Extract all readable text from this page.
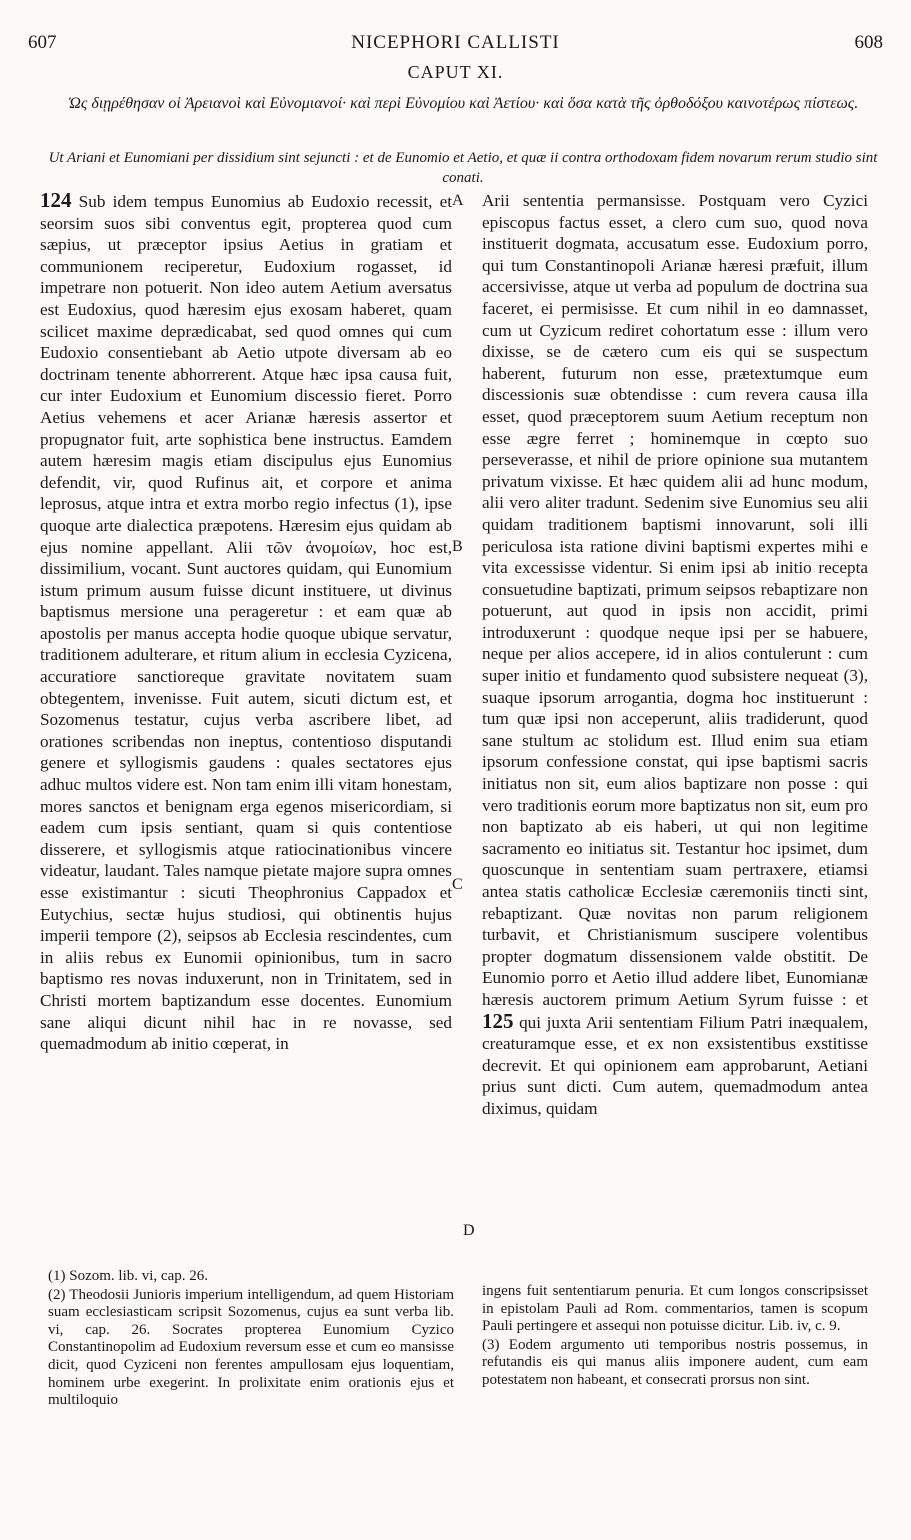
607	NICEPHORI CALLISTI	608
CAPUT XI.
Ὡς διῃρέθησαν οἱ Ἀρειανοὶ καὶ Εὐνομιανοί· καὶ περὶ Εὐνομίου καὶ Ἀετίου· καὶ ὅσα κατὰ τῆς ὀρθοδόξου καινοτέρως πίστεως.
Ut Ariani et Eunomiani per dissidium sint sejuncti : et de Eunomio et Aetio, et quæ ii contra orthodoxam fidem novarum rerum studio sint conati.

124 Sub idem tempus Eunomius ab Eudoxio recessit, et seorsim suos sibi conventus egit, propterea quod cum sæpius, ut præceptor ipsius Aetius in gratiam et communionem reciperetur, Eudoxium rogasset, id impetrare non potuerit. Non ideo autem Aetium aversatus est Eudoxius, quod hæresim ejus exosam haberet, quam scilicet maxime deprædicabat, sed quod omnes qui cum Eudoxio consentiebant ab Aetio utpote diversam ab eo doctrinam tenente abhorrerent. Atque hæc ipsa causa fuit, cur inter Eudoxium et Eunomium discessio fieret. Porro Aetius vehemens et acer Arianæ hæresis assertor et propugnator fuit, arte sophistica bene instructus. Eamdem autem hæresim magis etiam discipulus ejus Eunomius defendit, vir, quod Rufinus ait, et corpore et anima leprosus, atque intra et extra morbo regio infectus (1), ipse quoque arte dialectica præpotens. Hæresim ejus quidam ab ejus nomine appellant. Alii τῶν ἀνομοίων, hoc est, dissimilium, vocant. Sunt auctores quidam, qui Eunomium istum primum ausum fuisse dicunt instituere, ut divinus baptismus mersione una perageretur : et eam quæ ab apostolis per manus accepta hodie quoque ubique servatur, traditionem adulterare, et ritum alium in ecclesia Cyzicena, accuratiore sanctioreque gravitate novitatem suam obtegentem, invenisse. Fuit autem, sicuti dictum est, et Sozomenus testatur, cujus verba ascribere libet, ad orationes scribendas non ineptus, contentioso disputandi genere et syllogismis gaudens : quales sectatores ejus adhuc multos videre est. Non tam enim illi vitam honestam, mores sanctos et benignam erga egenos misericordiam, si eadem cum ipsis sentiant, quam si quis contentiose disserere, et syllogismis atque ratiocinationibus vincere videatur, laudant. Tales namque pietate majore supra omnes esse existimantur : sicuti Theophronius Cappadox et Eutychius, sectæ hujus studiosi, qui obtinentis hujus imperii tempore (2), seipsos ab Ecclesia rescindentes, cum in aliis rebus ex Eunomii opinionibus, tum in sacro baptismo res novas induxerunt, non in Trinitatem, sed in Christi mortem baptizandum esse docentes. Eunomium sane aliqui dicunt nihil hac in re novasse, sed quemadmodum ab initio cœperat, in

Arii sententia permansisse. Postquam vero Cyzici episcopus factus esset, a clero cum suo, quod nova instituerit dogmata, accusatum esse. Eudoxium porro, qui tum Constantinopoli Arianæ hæresi præfuit, illum accersivisse, atque ut verba ad populum de doctrina sua faceret, ei permisisse. Et cum nihil in eo damnasset, cum ut Cyzicum rediret cohortatum esse : illum vero dixisse, se de cætero cum eis qui se suspectum haberent, futurum non esse, prætextumque eum discessionis suæ obtendisse : cum revera causa illa esset, quod præceptorem suum Aetium receptum non esse ægre ferret ; hominemque in cœpto suo perseverasse, et nihil de priore opinione sua mutantem privatum vixisse. Et hæc quidem alii ad hunc modum, alii vero aliter tradunt. Sedenim sive Eunomius seu alii quidam traditionem baptismi innovarunt, soli illi periculosa ista ratione divini baptismi expertes mihi e vita excessisse videntur. Si enim ipsi ab initio recepta consuetudine baptizati, primum seipsos rebaptizare non potuerunt, aut quod in ipsis non accidit, primi introduxerunt : quodque neque ipsi per se habuere, neque per alios accepere, id in alios contulerunt : cum super initio et fundamento quod subsistere nequeat (3), suaque ipsorum arrogantia, dogma hoc instituerunt : tum quæ ipsi non acceperunt, aliis tradiderunt, quod sane stultum ac stolidum est. Illud enim sua etiam ipsorum confessione constat, qui ipse baptismi sacris initiatus non sit, eum alios baptizare non posse : qui vero traditionis eorum more baptizatus non sit, eum pro non baptizato ab eis haberi, ut qui non legitime sacramento eo initiatus sit. Testantur hoc ipsimet, dum quoscunque in sententiam suam pertraxere, etiamsi antea statis catholicæ Ecclesiæ cæremoniis tincti sint, rebaptizant. Quæ novitas non parum religionem turbavit, et Christianismum suscipere volentibus propter dogmatum dissensionem valde obstitit. De Eunomio porro et Aetio illud addere libet, Eunomianæ hæresis auctorem primum Aetium Syrum fuisse : et 125 qui juxta Arii sententiam Filium Patri inæqualem, creaturamque esse, et ex non exsistentibus exstitisse decrevit. Et qui opinionem eam approbarunt, Aetiani prius sunt dicti. Cum autem, quemadmodum antea diximus, quidam

A
B
C
D

(1) Sozom. lib. vi, cap. 26.

(2) Theodosii Junioris imperium intelligendum, ad quem Historiam suam ecclesiasticam scripsit Sozomenus, cujus ea sunt verba lib. vi, cap. 26. Socrates propterea Eunomium Cyzico Constantinopolim ad Eudoxium reversum esse et cum eo mansisse dicit, quod Cyziceni non ferentes ampullosam ejus loquentiam, hominem urbe exegerint. In prolixitate enim orationis ejus et multiloquio

ingens fuit sententiarum penuria. Et cum longos conscripsisset in epistolam Pauli ad Rom. commentarios, tamen is scopum Pauli pertingere et assequi non potuisse dicitur. Lib. iv, c. 9.

(3) Eodem argumento uti temporibus nostris possemus, in refutandis eis qui manus aliis imponere audent, cum eam potestatem non habeant, et consecrati prorsus non sint.
